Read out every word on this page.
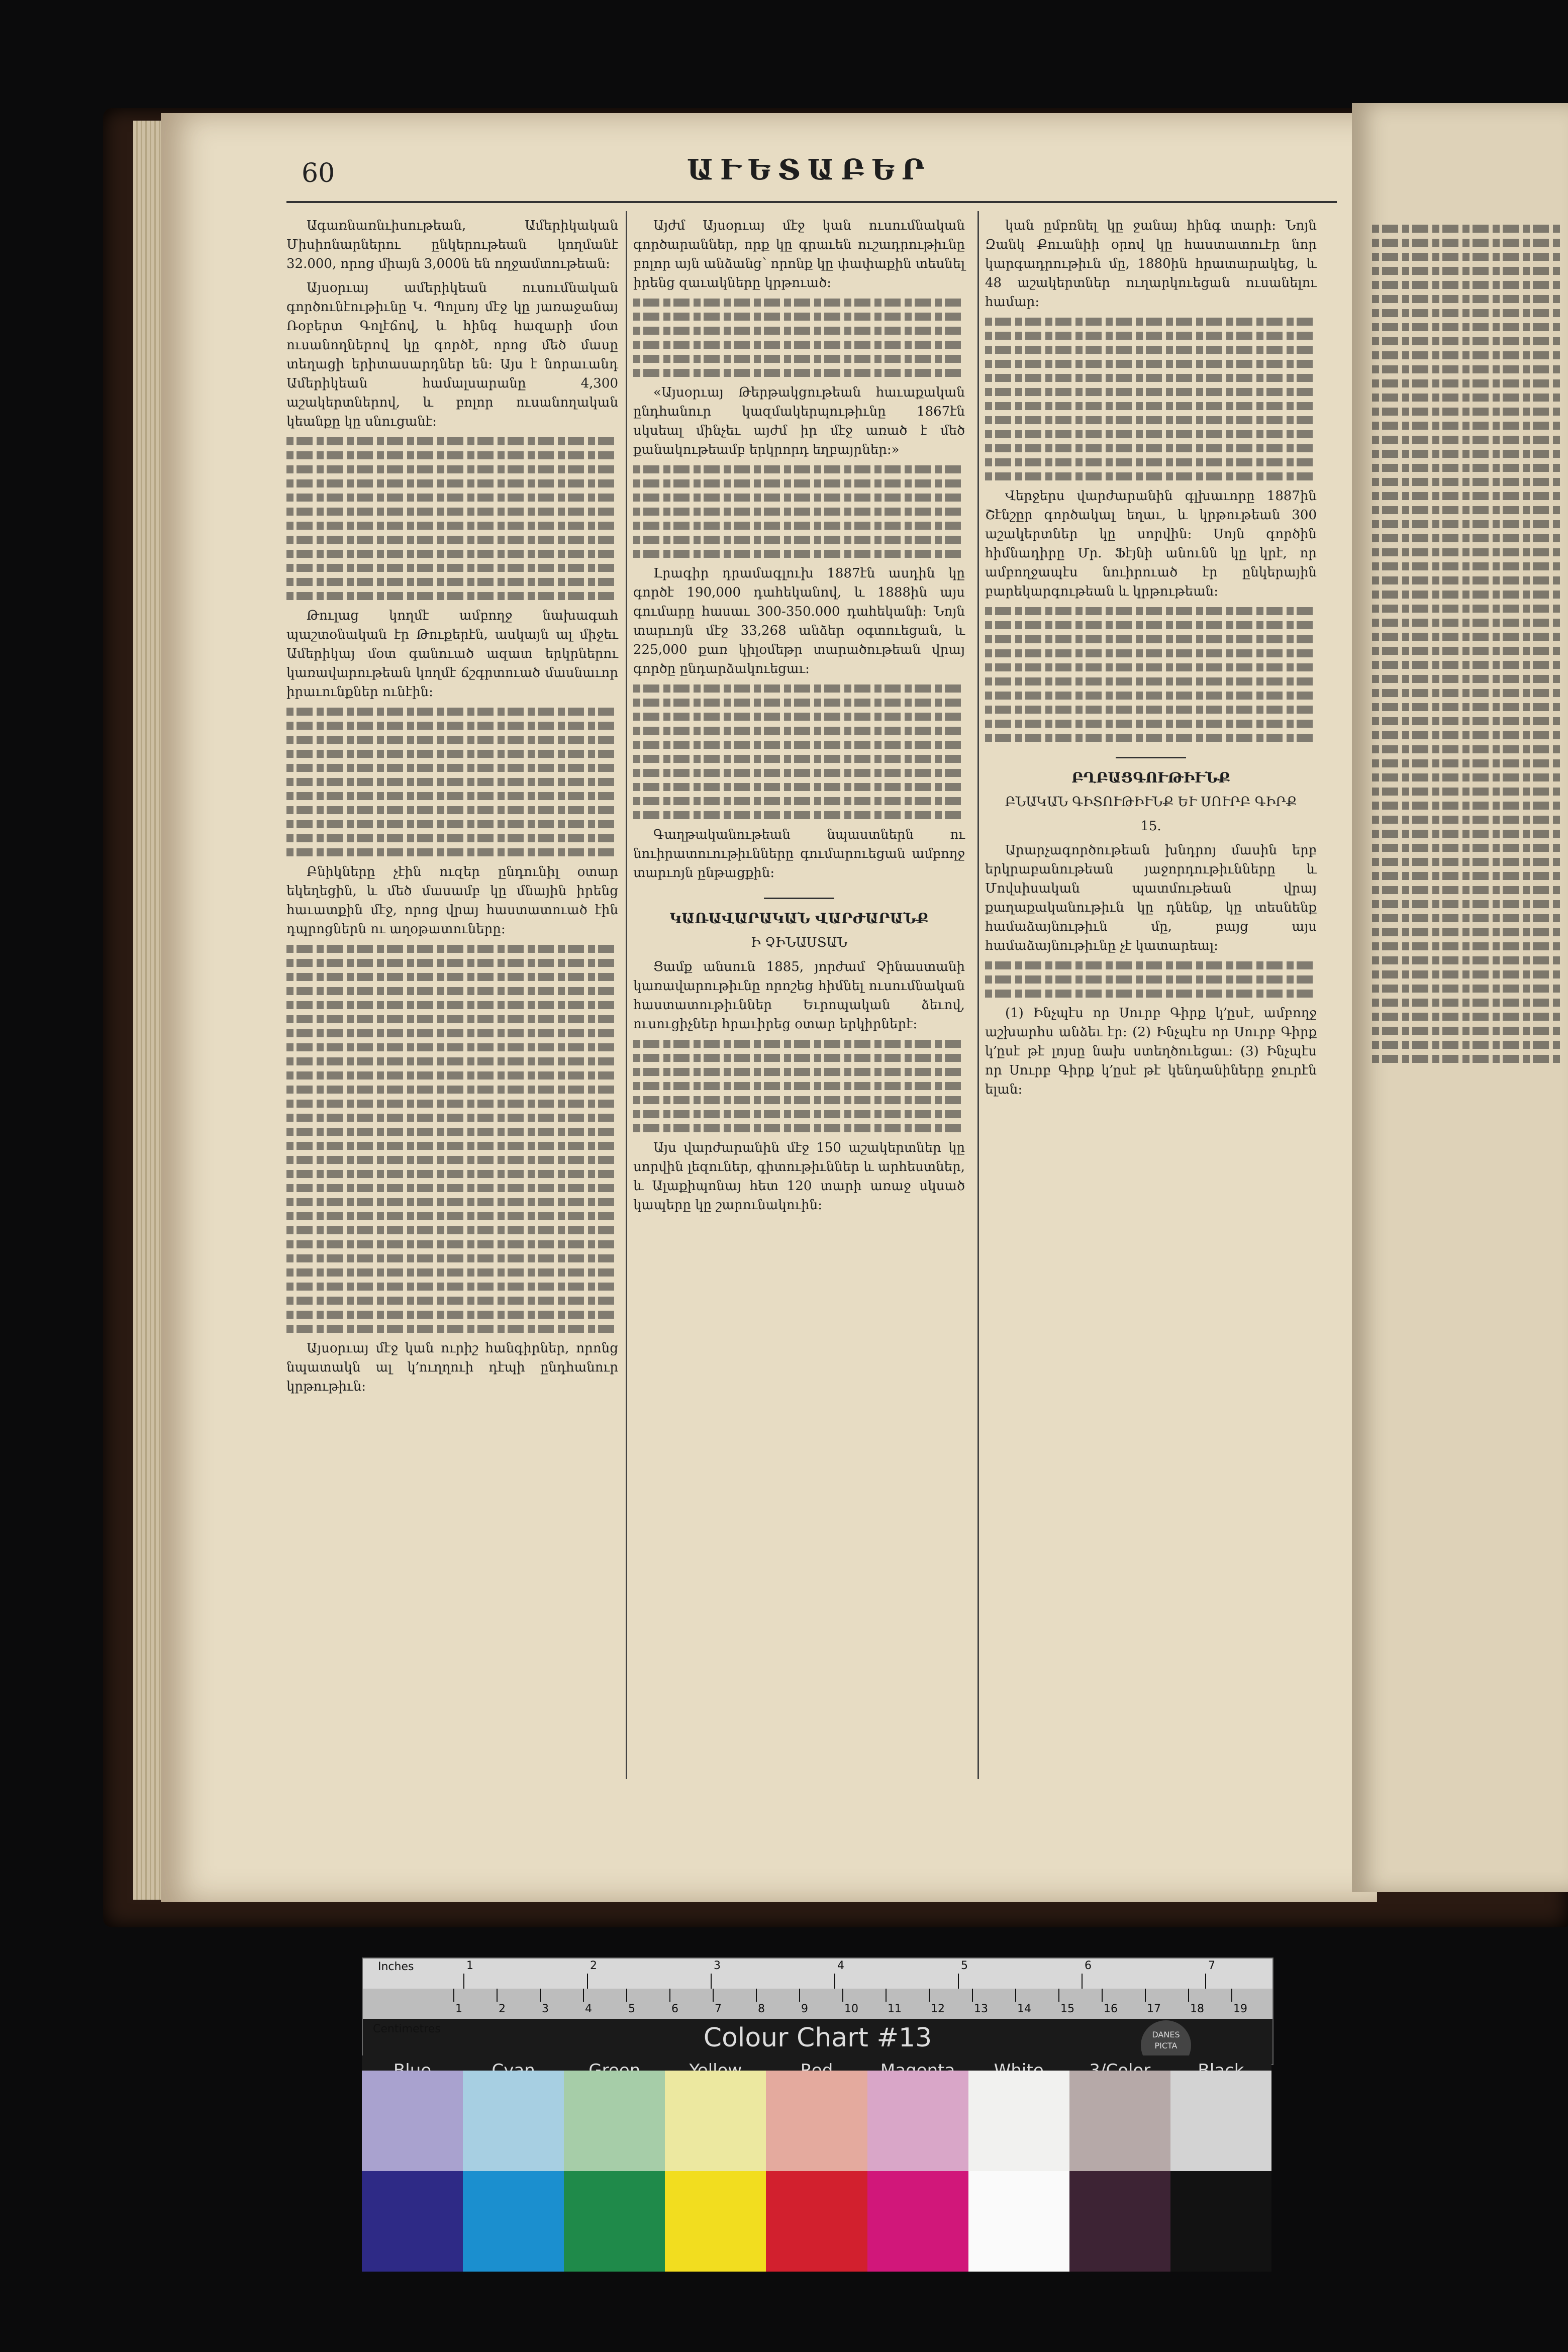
60	ԱՒԵՏԱԲԵՐ

Ագառնառնւիսութեան, Ամերիկական Միսիոնարներու ընկերութեան կողմանէ 32.000, որոց միայն 3,000ն են ողջամտութեան։

Այսօրւայ ամերիկեան ուսումնական գործունէութիւնը Կ. Պոլսոյ մէջ կը յառաջանայ Ռօբերտ Գոլէճով, և հինգ հազարի մօտ ուսանողներով կը գործէ, որոց մեծ մասը տեղացի երիտասարդներ են։ Այս է նորաւանդ Ամերիկեան համալսարանը 4,300 աշակերտներով, և բոլոր ուսանողական կեանքը կը սնուցանէ։

Թուլաց կողմէ ամբողջ նախագահ պաշտօնական էր Թուքերէն, ասկայն ալ միջեւ Ամերիկայ մօտ գանուած ազատ երկրներու կառավարութեան կողմէ ճշգրտուած մասնաւոր իրաւունքներ ունէին։

Բնիկները չէին ուզեր ընդունիլ օտար եկեղեցին, և մեծ մասամբ կը մնային իրենց հաւատքին մէջ, որոց վրայ հաստատուած էին դպրոցներն ու աղօթատուները։

Այսօրւայ մէջ կան ուրիշ հանգիրներ, որոնց նպատակն ալ կ՚ուղղուի դէպի ընդհանուր կրթութիւն։

Այժմ Այսօրւայ մէջ կան ուսումնական գործարաններ, որք կը գրաւեն ուշադրութիւնը բոլոր այն անձանց՝ որոնք կը փափաքին տեսնել իրենց զաւակները կրթուած։

«Այսօրւայ Թերթակցութեան հաւաքական ընդհանուր կազմակերպութիւնը 1867էն սկսեալ մինչեւ այժմ իր մէջ առած է մեծ քանակութեամբ երկրորդ եղբայրներ։»

Լրագիր դրամագլուխ 1887էն ասդին կը գործէ 190,000 դահեկանով, և 1888ին այս գումարը հասաւ 300-350.000 դահեկանի։ Նոյն տարւոյն մէջ 33,268 անձեր օգտուեցան, և 225,000 քառ կիլօմեթր տարածութեան վրայ գործը ընդարձակուեցաւ։

Գաղթականութեան նպաստներն ու նուիրատուութիւնները գումարուեցան ամբողջ տարւոյն ընթացքին։

ԿԱՌԱՎԱՐԱԿԱՆ ՎԱՐԺԱՐԱՆՔ

Ի ՉԻՆԱՍՏԱՆ

Ցամք անսուն 1885, յորժամ Չինաստանի կառավարութիւնը որոշեց հիմնել ուսումնական հաստատութիւններ Եւրոպական ձեւով, ուսուցիչներ հրաւիրեց օտար երկիրներէ։

Այս վարժարանին մէջ 150 աշակերտներ կը սորվին լեզուներ, գիտութիւններ և արհեստներ, և Ալաքիպոնայ հետ 120 տարի առաջ սկսած կապերը կը շարունակուին։

կան ըմբռնել կը ջանայ հինգ տարի։ Նոյն Զանկ Քուանիի օրով կը հաստատուէր նոր կարգադրութիւն մը, 1880ին հրատարակեց, և 48 աշակերտներ ուղարկուեցան ուսանելու համար։

Վերջերս վարժարանին գլխաւորը 1887ին Շէնշըր գործակալ եղաւ, և կրթութեան 300 աշակերտներ կը սորվին։ Սոյն գործին հիմնադիրը Մր. Ֆէյնի անունն կը կրէ, որ ամբողջապէս նուիրուած էր ընկերային բարեկարգութեան և կրթութեան։

ԲՂԲԱՑԳՈՒԹԻՒՆՔ

ԲՆԱԿԱՆ ԳԻՏՈՒԹԻՒՆՔ ԵՒ ՍՈՒՐԲ ԳԻՐՔ

15.

Արարչագործութեան խնդրոյ մասին երբ երկրաբանութեան յաջորդութիւնները և Մովսիսական պատմութեան վրայ քաղաքականութիւն կը դնենք, կը տեսնենք համաձայնութիւն մը, բայց այս համաձայնութիւնը չէ կատարեալ։

(1) Ինչպէս որ Սուրբ Գիրք կ՚ըսէ, ամբողջ աշխարհս անձեւ էր։ (2) Ինչպէս որ Սուրբ Գիրք կ՚ըսէ թէ լոյսը նախ ստեղծուեցաւ։ (3) Ինչպէս որ Սուրբ Գիրք կ՚ըսէ թէ կենդանիները ջուրէն ելան։

Inches	1	2	3	4	5	6	7
Centimetres
1	2	3	4	5	6	7	8	9	10	11	12	13	14	15	16	17	18	19
Colour Chart #13	DANES PICTA
